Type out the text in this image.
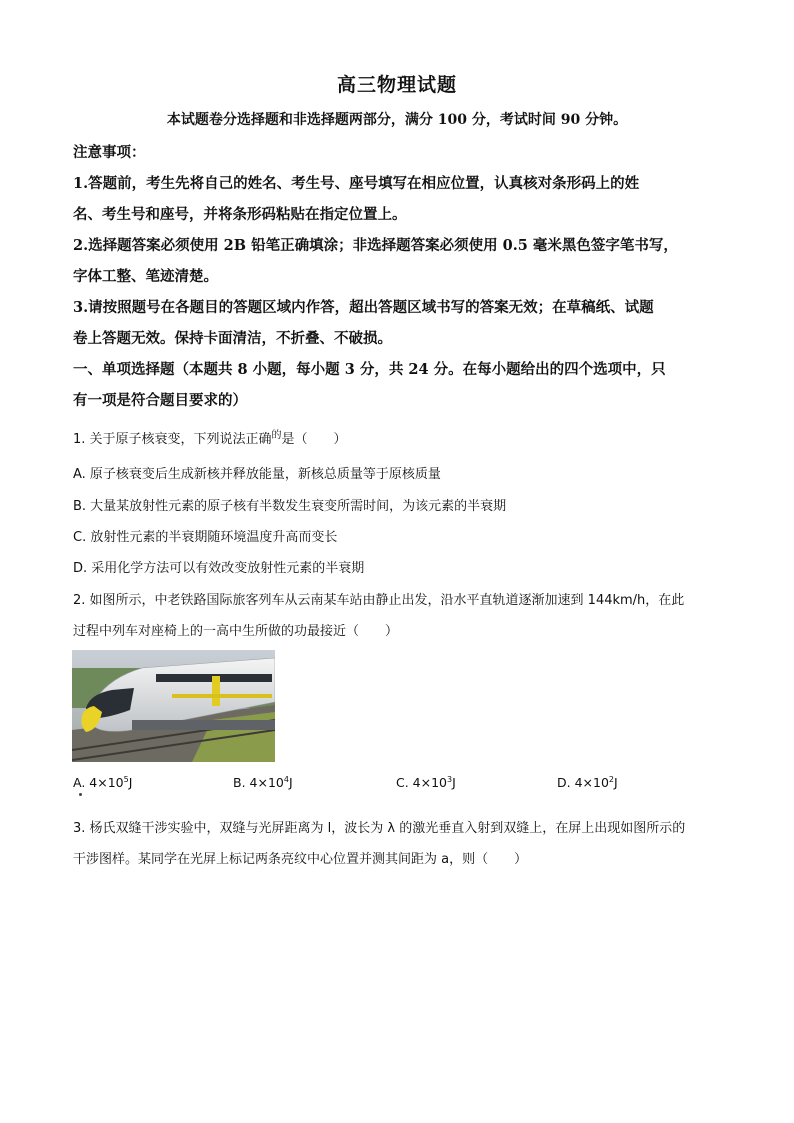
高三物理试题
本试题卷分选择题和非选择题两部分，满分 100 分，考试时间 90 分钟。
注意事项：
1.答题前，考生先将自己的姓名、考生号、座号填写在相应位置，认真核对条形码上的姓
名、考生号和座号，并将条形码粘贴在指定位置上。
2.选择题答案必须使用 2B 铅笔正确填涂；非选择题答案必须使用 0.5 毫米黑色签字笔书写，
字体工整、笔迹清楚。
3.请按照题号在各题目的答题区域内作答，超出答题区域书写的答案无效；在草稿纸、试题
卷上答题无效。保持卡面清洁，不折叠、不破损。
一、单项选择题（本题共 8 小题，每小题 3 分，共 24 分。在每小题给出的四个选项中，只
有一项是符合题目要求的）
1. 关于原子核衰变，下列说法正确$^的$是（　　）
A. 原子核衰变后生成新核并释放能量，新核总质量等于原核质量
B. 大量某放射性元素的原子核有半数发生衰变所需时间，为该元素的半衰期
C. 放射性元素的半衰期随环境温度升高而变长
D. 采用化学方法可以有效改变放射性元素的半衰期
2. 如图所示，中老铁路国际旅客列车从云南某车站由静止出发，沿水平直轨道逐渐加速到 144km/h，在此
过程中列车对座椅上的一高中生所做的功最接近（　　）
A. $4\times 10^5J$	B. $4\times 10^4J$	C. $4\times 10^3J$	D. $4\times 10^2J$
3. 杨氏双缝干涉实验中，双缝与光屏距离为 l，波长为 λ 的激光垂直入射到双缝上，在屏上出现如图所示的
干涉图样。某同学在光屏上标记两条亮纹中心位置并测其间距为 a，则（　　）
